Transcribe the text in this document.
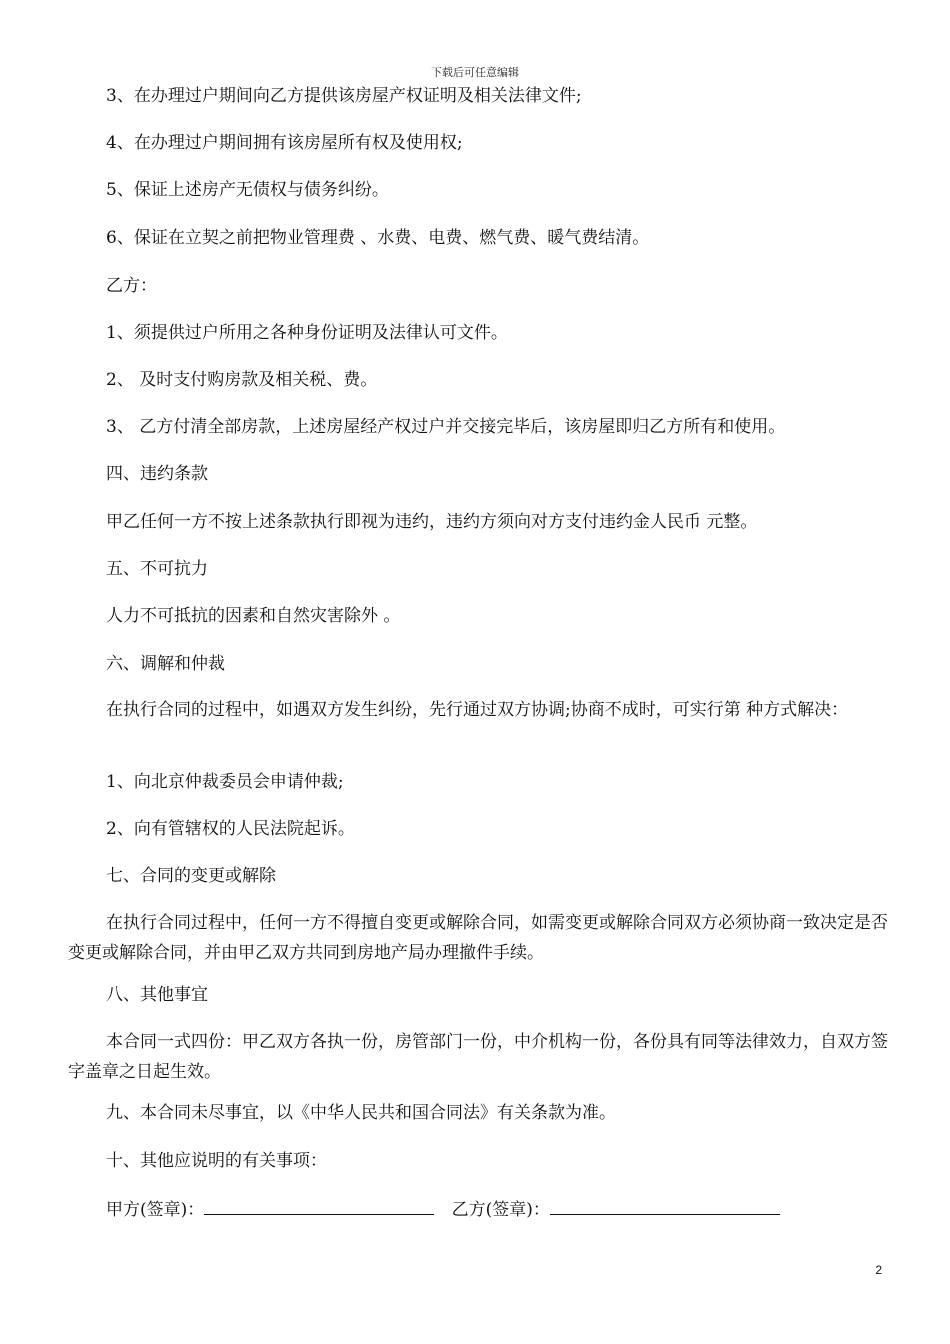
下载后可任意编辑
3、在办理过户期间向乙方提供该房屋产权证明及相关法律文件;
4、在办理过户期间拥有该房屋所有权及使用权;
5、保证上述房产无债权与债务纠纷。
6、保证在立契之前把物业管理费 、水费、电费、燃气费、暖气费结清。
乙方：
1、须提供过户所用之各种身份证明及法律认可文件。
2、 及时支付购房款及相关税、费。
3、 乙方付清全部房款，上述房屋经产权过户并交接完毕后，该房屋即归乙方所有和使用。
四、违约条款
甲乙任何一方不按上述条款执行即视为违约，违约方须向对方支付违约金人民币 元整。
五、不可抗力
人力不可抵抗的因素和自然灾害除外 。
六、调解和仲裁
在执行合同的过程中，如遇双方发生纠纷，先行通过双方协调;协商不成时，可实行第 种方式解决：
1、向北京仲裁委员会申请仲裁;
2、向有管辖权的人民法院起诉。
七、合同的变更或解除
在执行合同过程中，任何一方不得擅自变更或解除合同，如需变更或解除合同双方必须协商一致决定是否变更或解除合同，并由甲乙双方共同到房地产局办理撤件手续。
八、其他事宜
本合同一式四份：甲乙双方各执一份，房管部门一份，中介机构一份，各份具有同等法律效力，自双方签字盖章之日起生效。
九、本合同未尽事宜，以《中华人民共和国合同法》有关条款为准。
十、其他应说明的有关事项：
甲方(签章)：	乙方(签章)：
2
